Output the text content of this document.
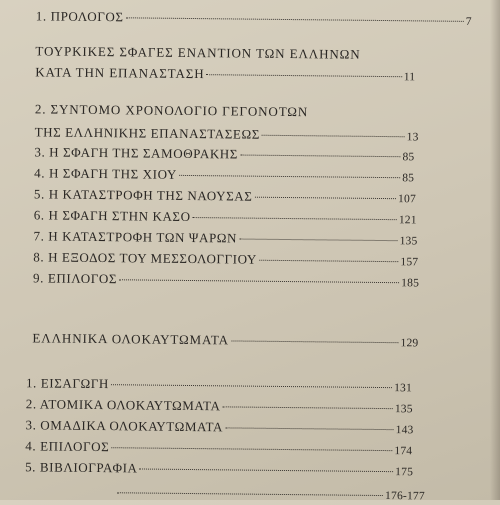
1. ΠΡΟΛΟΓΟΣ	7
ΤΟΥΡΚΙΚΕΣ ΣΦΑΓΕΣ ΕΝΑΝΤΙΟΝ ΤΩΝ ΕΛΛΗΝΩΝ
ΚΑΤΑ ΤΗΝ ΕΠΑΝΑΣΤΑΣΗ	11
2. ΣΥΝΤΟΜΟ ΧΡΟΝΟΛΟΓΙΟ ΓΕΓΟΝΟΤΩΝ
ΤΗΣ ΕΛΛΗΝΙΚΗΣ ΕΠΑΝΑΣΤΑΣΕΩΣ	13
3. Η ΣΦΑΓΗ ΤΗΣ ΣΑΜΟΘΡΑΚΗΣ	85
4. Η ΣΦΑΓΗ ΤΗΣ ΧΙΟΥ	85
5. Η ΚΑΤΑΣΤΡΟΦΗ ΤΗΣ ΝΑΟΥΣΑΣ	107
6. Η ΣΦΑΓΗ ΣΤΗΝ ΚΑΣΟ	121
7. Η ΚΑΤΑΣΤΡΟΦΗ ΤΩΝ ΨΑΡΩΝ	135
8. Η ΕΞΟΔΟΣ ΤΟΥ ΜΕΣΣΟΛΟΓΓΙΟΥ	157
9. ΕΠΙΛΟΓΟΣ	185
ΕΛΛΗΝΙΚΑ ΟΛΟΚΑΥΤΩΜΑΤΑ	129
1. ΕΙΣΑΓΩΓΗ	131
2. ΑΤΟΜΙΚΑ ΟΛΟΚΑΥΤΩΜΑΤΑ	135
3. ΟΜΑΔΙΚΑ ΟΛΟΚΑΥΤΩΜΑΤΑ	143
4. ΕΠΙΛΟΓΟΣ	174
5. ΒΙΒΛΙΟΓΡΑΦΙΑ	175
176-177
